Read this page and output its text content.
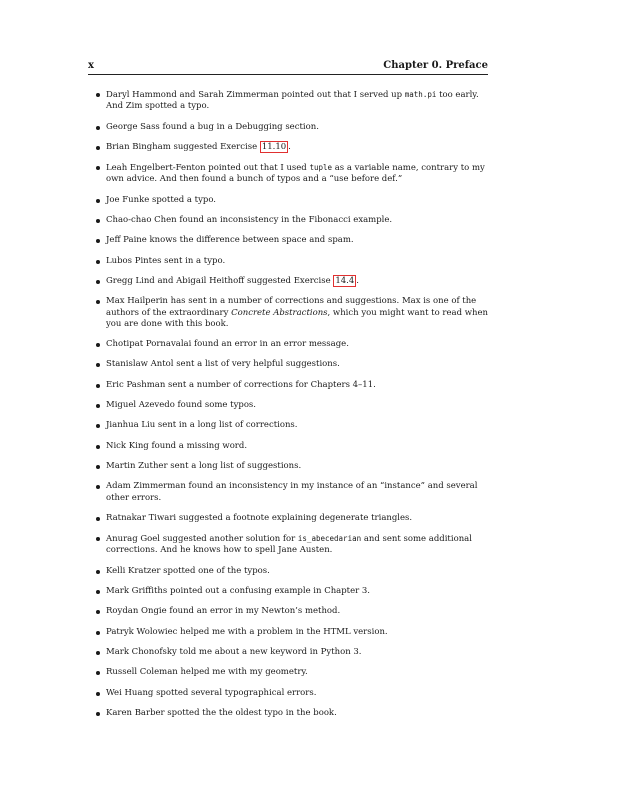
x	Chapter 0. Preface
Daryl Hammond and Sarah Zimmerman pointed out that I served up math.pi too early. And Zim spotted a typo.
George Sass found a bug in a Debugging section.
Brian Bingham suggested Exercise 11.10 .
Leah Engelbert-Fenton pointed out that I used tuple as a variable name, contrary to my own advice. And then found a bunch of typos and a “use before def.”
Joe Funke spotted a typo.
Chao-chao Chen found an inconsistency in the Fibonacci example.
Jeff Paine knows the difference between space and spam.
Lubos Pintes sent in a typo.
Gregg Lind and Abigail Heithoff suggested Exercise 14.4 .
Max Hailperin has sent in a number of corrections and suggestions. Max is one of the authors of the extraordinary Concrete Abstractions, which you might want to read when you are done with this book.
Chotipat Pornavalai found an error in an error message.
Stanislaw Antol sent a list of very helpful suggestions.
Eric Pashman sent a number of corrections for Chapters 4–11.
Miguel Azevedo found some typos.
Jianhua Liu sent in a long list of corrections.
Nick King found a missing word.
Martin Zuther sent a long list of suggestions.
Adam Zimmerman found an inconsistency in my instance of an “instance” and several other errors.
Ratnakar Tiwari suggested a footnote explaining degenerate triangles.
Anurag Goel suggested another solution for is_abecedarian and sent some additional corrections. And he knows how to spell Jane Austen.
Kelli Kratzer spotted one of the typos.
Mark Griffiths pointed out a confusing example in Chapter 3.
Roydan Ongie found an error in my Newton’s method.
Patryk Wolowiec helped me with a problem in the HTML version.
Mark Chonofsky told me about a new keyword in Python 3.
Russell Coleman helped me with my geometry.
Wei Huang spotted several typographical errors.
Karen Barber spotted the the oldest typo in the book.
